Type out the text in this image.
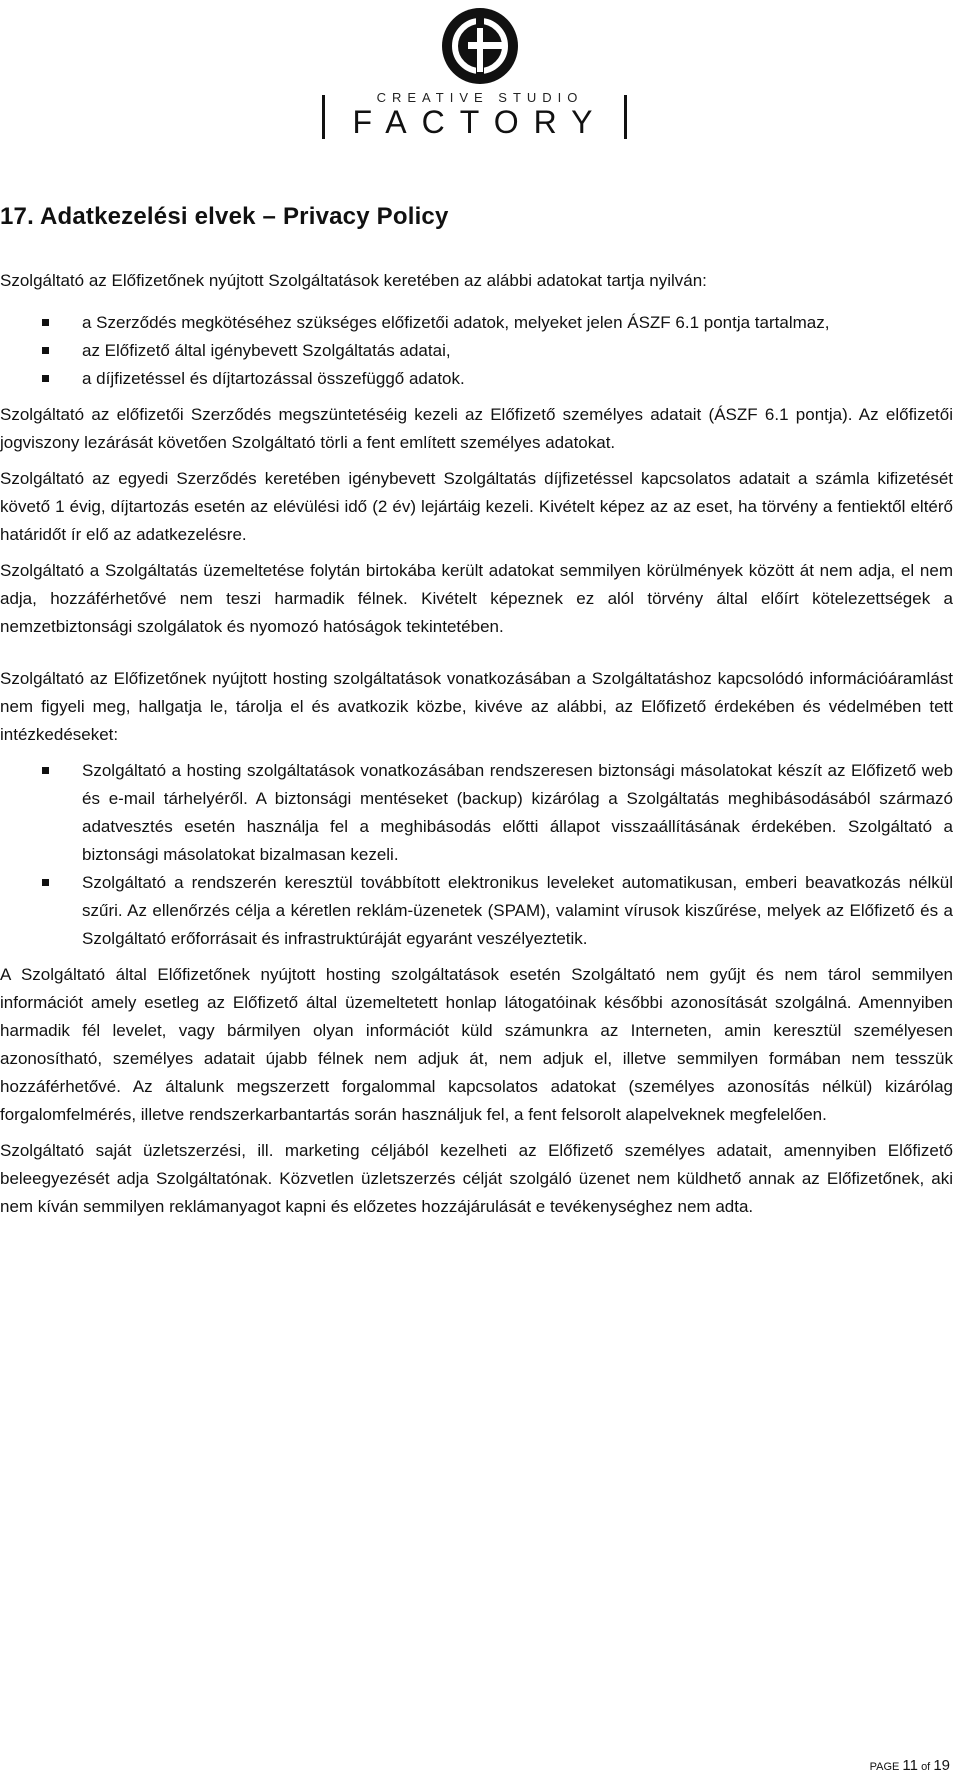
CREATIVE STUDIO
FACTORY
17. Adatkezelési elvek – Privacy Policy

Szolgáltató az Előfizetőnek nyújtott Szolgáltatások keretében az alábbi adatokat tartja nyilván:

a Szerződés megkötéséhez szükséges előfizetői adatok, melyeket jelen ÁSZF 6.1 pontja tartalmaz,
az Előfizető által igénybevett Szolgáltatás adatai,
a díjfizetéssel és díjtartozással összefüggő adatok.

Szolgáltató az előfizetői Szerződés megszüntetéséig kezeli az Előfizető személyes adatait (ÁSZF 6.1 pontja). Az előfizetői jogviszony lezárását követően Szolgáltató törli a fent említett személyes adatokat.

Szolgáltató az egyedi Szerződés keretében igénybevett Szolgáltatás díjfizetéssel kapcsolatos adatait a számla kifizetését követő 1 évig, díjtartozás esetén az elévülési idő (2 év) lejártáig kezeli. Kivételt képez az az eset, ha törvény a fentiektől eltérő határidőt ír elő az adatkezelésre.

Szolgáltató a Szolgáltatás üzemeltetése folytán birtokába került adatokat semmilyen körülmények között át nem adja, el nem adja, hozzáférhetővé nem teszi harmadik félnek. Kivételt képeznek ez alól törvény által előírt kötelezettségek a nemzetbiztonsági szolgálatok és nyomozó hatóságok tekintetében.

Szolgáltató az Előfizetőnek nyújtott hosting szolgáltatások vonatkozásában a Szolgáltatáshoz kapcsolódó információáramlást nem figyeli meg, hallgatja le, tárolja el és avatkozik közbe, kivéve az alábbi, az Előfizető érdekében és védelmében tett intézkedéseket:

Szolgáltató a hosting szolgáltatások vonatkozásában rendszeresen biztonsági másolatokat készít az Előfizető web és e-mail tárhelyéről. A biztonsági mentéseket (backup) kizárólag a Szolgáltatás meghibásodásából származó adatvesztés esetén használja fel a meghibásodás előtti állapot visszaállításának érdekében. Szolgáltató a biztonsági másolatokat bizalmasan kezeli.
Szolgáltató a rendszerén keresztül továbbított elektronikus leveleket automatikusan, emberi beavatkozás nélkül szűri. Az ellenőrzés célja a kéretlen reklám-üzenetek (SPAM), valamint vírusok kiszűrése, melyek az Előfizető és a Szolgáltató erőforrásait és infrastruktúráját egyaránt veszélyeztetik.

A Szolgáltató által Előfizetőnek nyújtott hosting szolgáltatások esetén Szolgáltató nem gyűjt és nem tárol semmilyen információt amely esetleg az Előfizető által üzemeltetett honlap látogatóinak későbbi azonosítását szolgálná. Amennyiben harmadik fél levelet, vagy bármilyen olyan információt küld számunkra az Interneten, amin keresztül személyesen azonosítható, személyes adatait újabb félnek nem adjuk át, nem adjuk el, illetve semmilyen formában nem tesszük hozzáférhetővé. Az általunk megszerzett forgalommal kapcsolatos adatokat (személyes azonosítás nélkül) kizárólag forgalomfelmérés, illetve rendszerkarbantartás során használjuk fel, a fent felsorolt alapelveknek megfelelően.

Szolgáltató saját üzletszerzési, ill. marketing céljából kezelheti az Előfizető személyes adatait, amennyiben Előfizető beleegyezését adja Szolgáltatónak. Közvetlen üzletszerzés célját szolgáló üzenet nem küldhető annak az Előfizetőnek, aki nem kíván semmilyen reklámanyagot kapni és előzetes hozzájárulását e tevékenységhez nem adta.

PAGE 11 of 19
